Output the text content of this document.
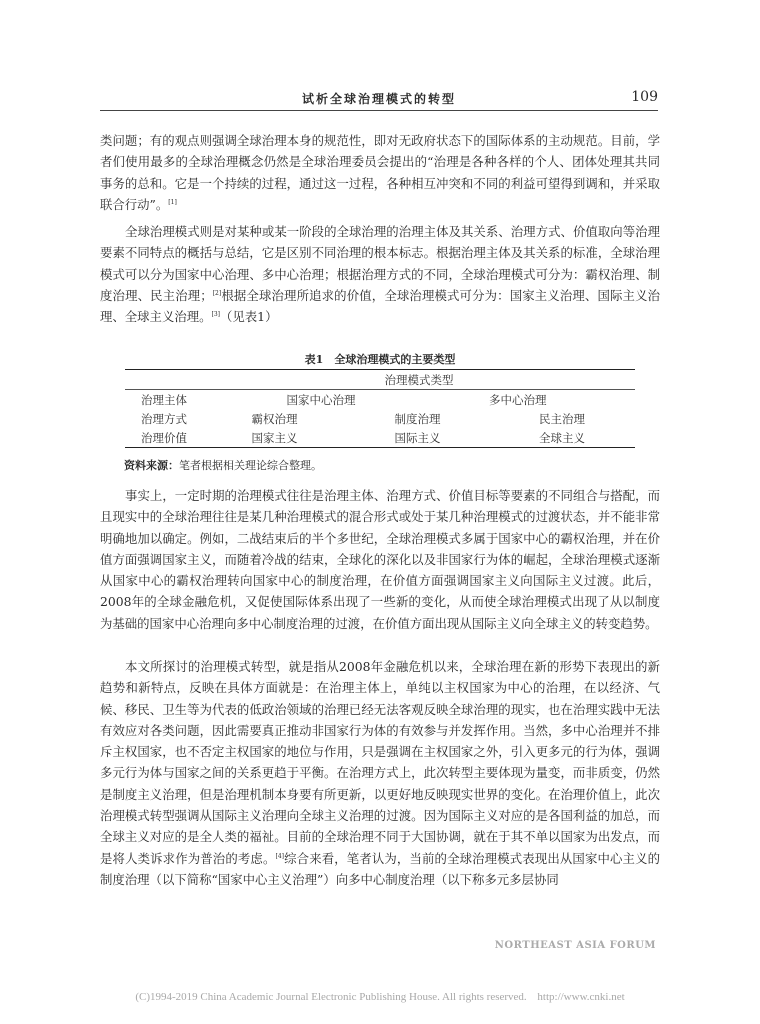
试析全球治理模式的转型	109

类问题；有的观点则强调全球治理本身的规范性，即对无政府状态下的国际体系的主动规范。目前，学者们使用最多的全球治理概念仍然是全球治理委员会提出的“治理是各种各样的个人、团体处理其共同事务的总和。它是一个持续的过程，通过这一过程，各种相互冲突和不同的利益可望得到调和，并采取联合行动”。[1]

全球治理模式则是对某种或某一阶段的全球治理的治理主体及其关系、治理方式、价值取向等治理要素不同特点的概括与总结，它是区别不同治理的根本标志。根据治理主体及其关系的标准，全球治理模式可以分为国家中心治理、多中心治理；根据治理方式的不同，全球治理模式可分为：霸权治理、制度治理、民主治理；[2]根据全球治理所追求的价值，全球治理模式可分为：国家主义治理、国际主义治理、全球主义治理。[3]（见表1）

表1　全球治理模式的主要类型
	治理模式类型		
治理主体	国家中心治理		多中心治理
治理方式	霸权治理	制度治理	民主治理
治理价值	国家主义	国际主义	全球主义
资料来源：笔者根据相关理论综合整理。

事实上，一定时期的治理模式往往是治理主体、治理方式、价值目标等要素的不同组合与搭配，而且现实中的全球治理往往是某几种治理模式的混合形式或处于某几种治理模式的过渡状态，并不能非常明确地加以确定。例如，二战结束后的半个多世纪，全球治理模式多属于国家中心的霸权治理，并在价值方面强调国家主义，而随着冷战的结束，全球化的深化以及非国家行为体的崛起，全球治理模式逐渐从国家中心的霸权治理转向国家中心的制度治理，在价值方面强调国家主义向国际主义过渡。此后，2008年的全球金融危机，又促使国际体系出现了一些新的变化，从而使全球治理模式出现了从以制度为基础的国家中心治理向多中心制度治理的过渡，在价值方面出现从国际主义向全球主义的转变趋势。

本文所探讨的治理模式转型，就是指从2008年金融危机以来，全球治理在新的形势下表现出的新趋势和新特点，反映在具体方面就是：在治理主体上，单纯以主权国家为中心的治理，在以经济、气候、移民、卫生等为代表的低政治领域的治理已经无法客观反映全球治理的现实，也在治理实践中无法有效应对各类问题，因此需要真正推动非国家行为体的有效参与并发挥作用。当然，多中心治理并不排斥主权国家，也不否定主权国家的地位与作用，只是强调在主权国家之外，引入更多元的行为体，强调多元行为体与国家之间的关系更趋于平衡。在治理方式上，此次转型主要体现为量变，而非质变，仍然是制度主义治理，但是治理机制本身要有所更新，以更好地反映现实世界的变化。在治理价值上，此次治理模式转型强调从国际主义治理向全球主义治理的过渡。因为国际主义对应的是各国利益的加总，而全球主义对应的是全人类的福祉。目前的全球治理不同于大国协调，就在于其不单以国家为出发点，而是将人类诉求作为普治的考虑。[4]综合来看，笔者认为，当前的全球治理模式表现出从国家中心主义的制度治理（以下简称“国家中心主义治理”）向多中心制度治理（以下称多元多层协同

NORTHEAST ASIA FORUM
(C)1994-2019 China Academic Journal Electronic Publishing House. All rights reserved. http://www.cnki.net
